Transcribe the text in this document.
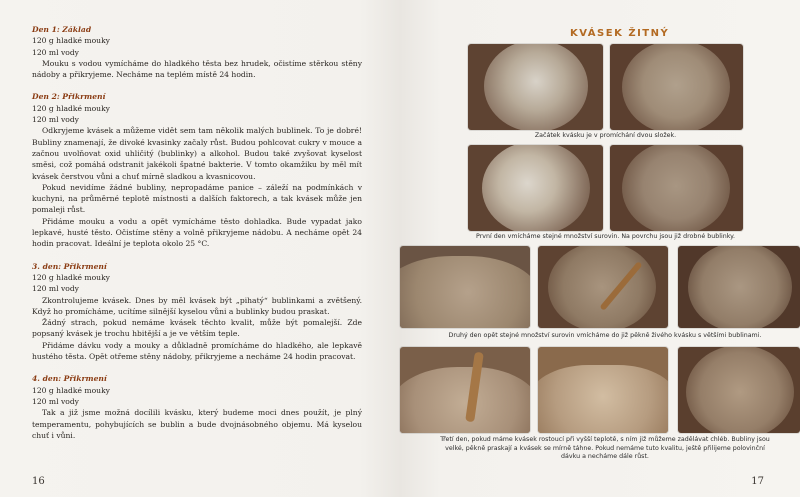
Den 1: Základ
120 g hladké mouky
120 ml vody
Mouku s vodou vymícháme do hladkého těsta bez hrudek, očistíme stěrkou stěny nádoby a přikryjeme. Necháme na teplém místě 24 hodin.
Den 2: Přikrmení
120 g hladké mouky
120 ml vody
Odkryjeme kvásek a můžeme vidět sem tam několik malých bublinek. To je dobré! Bubliny znamenají, že divoké kvasinky začaly růst. Budou pohlcovat cukry v mouce a začnou uvolňovat oxid uhličitý (bublinky) a alkohol. Budou také zvyšovat kyselost směsi, což pomáhá odstranit jakékoli špatné bakterie. V tomto okamžiku by měl mít kvásek čerstvou vůni a chuť mírně sladkou a kvasnicovou.
Pokud nevidíme žádné bubliny, nepropadáme panice – záleží na podmínkách v kuchyni, na průměrné teplotě místnosti a dalších faktorech, a tak kvásek může jen pomaleji růst.
Přidáme mouku a vodu a opět vymícháme těsto dohladka. Bude vypadat jako lepkavé, husté těsto. Očistíme stěny a volně přikryjeme nádobu. A necháme opět 24 hodin pracovat. Ideální je teplota okolo 25 °C.
3. den: Přikrmení
120 g hladké mouky
120 ml vody
Zkontrolujeme kvásek. Dnes by měl kvásek být „pihatý“ bublinkami a zvětšený. Když ho promícháme, ucítíme silnější kyselou vůni a bublinky budou praskat.
Žádný strach, pokud nemáme kvásek těchto kvalit, může být pomalejší. Zde popsaný kvásek je trochu hbitější a je ve větším teple.
Přidáme dávku vody a mouky a důkladně promícháme do hladkého, ale lepkavě hustého těsta. Opět otřeme stěny nádoby, přikryjeme a necháme 24 hodin pracovat.
4. den: Přikrmení
120 g hladké mouky
120 ml vody
Tak a již jsme možná docílili kvásku, který budeme moci dnes použít, je plný temperamentu, pohybujících se bublin a bude dvojnásobného objemu. Má kyselou chuť i vůni.
16
KVÁSEK ŽITNÝ
Začátek kvásku je v promíchání dvou složek.
První den vmícháme stejné množství surovin. Na povrchu jsou již drobné bublinky.
Druhý den opět stejné množství surovin vmícháme do již pěkně živého kvásku s většími bublinami.
Třetí den, pokud máme kvásek rostoucí při vyšší teplotě, s ním již můžeme zadělávat chléb. Bubliny jsou velké, pěkně praskají a kvásek se mírně táhne. Pokud nemáme tuto kvalitu, ještě přilijeme polovinční dávku a necháme dále růst.
17
